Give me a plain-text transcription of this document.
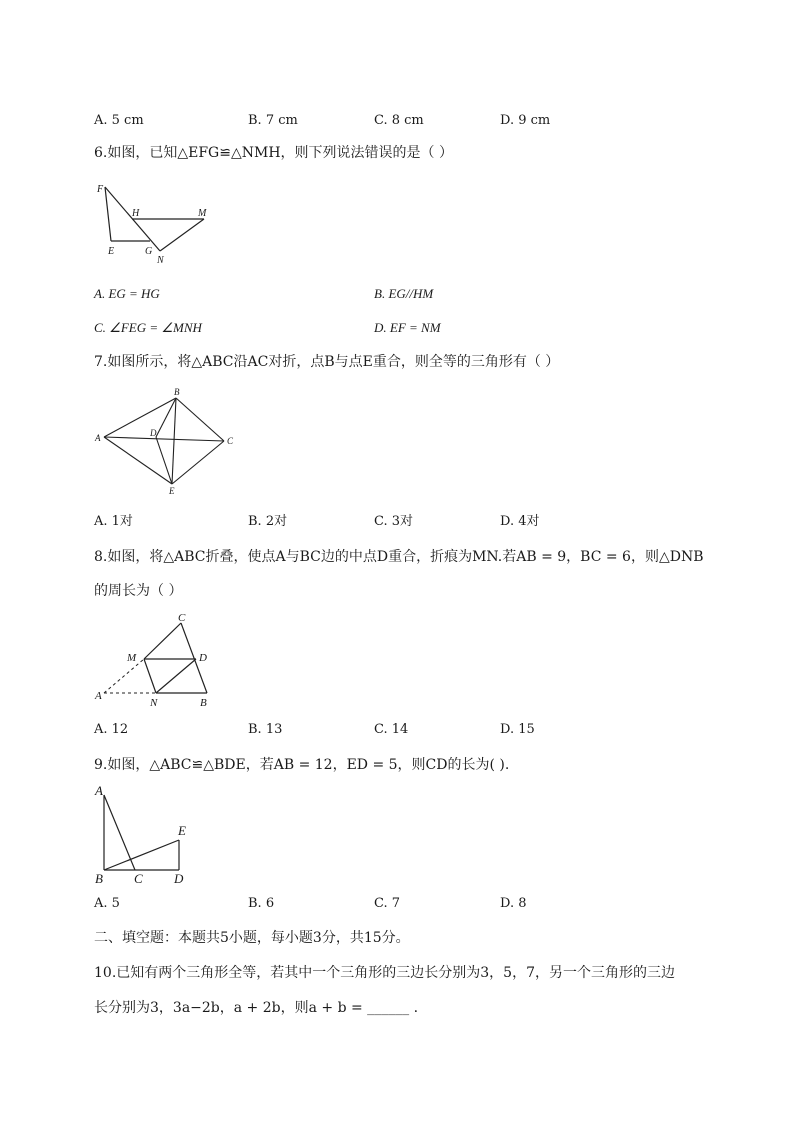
A. 5 cm	B. 7 cm	C. 8 cm	D. 9 cm
6.如图，已知△EFG≌△NMH，则下列说法错误的是（ ）
F
H	M
E	G
N
A. EG = HG	B. EG//HM
C. ∠FEG = ∠MNH	D. EF = NM
7.如图所示，将△ABC沿AC对折，点B与点E重合，则全等的三角形有（ ）
B
A	D
C
E
A. 1对	B. 2对	C. 3对	D. 4对
8.如图，将△ABC折叠，使点A与BC边的中点D重合，折痕为MN.若AB = 9，BC = 6，则△DNB
的周长为（ ）
C
M	D
A
N	B
A. 12	B. 13	C. 14	D. 15
9.如图，△ABC≌△BDE，若AB = 12，ED = 5，则CD的长为( ).
A
E
B C D
A. 5	B. 6	C. 7	D. 8
二、填空题：本题共5小题，每小题3分，共15分。
10.已知有两个三角形全等，若其中一个三角形的三边长分别为3，5，7，另一个三角形的三边
长分别为3，3a−2b，a + 2b，则a + b = ______ .
